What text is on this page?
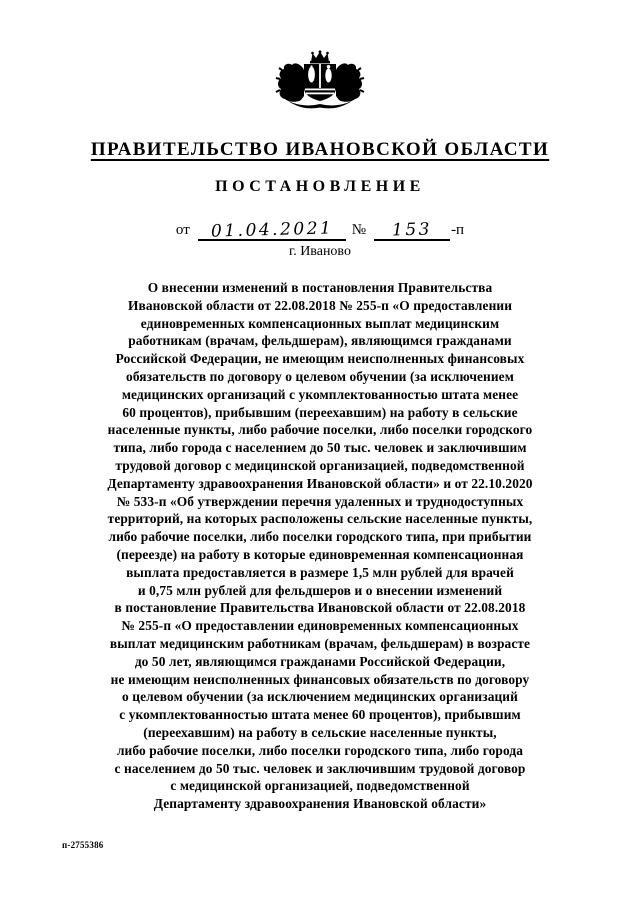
ПРАВИТЕЛЬСТВО ИВАНОВСКОЙ ОБЛАСТИ
ПОСТАНОВЛЕНИЕ
от 01.04.2021 № 153 -п
г. Иваново
О внесении изменений в постановления Правительства
Ивановской области от 22.08.2018 № 255-п «О предоставлении
единовременных компенсационных выплат медицинским
работникам (врачам, фельдшерам), являющимся гражданами
Российской Федерации, не имеющим неисполненных финансовых
обязательств по договору о целевом обучении (за исключением
медицинских организаций с укомплектованностью штата менее
60 процентов), прибывшим (переехавшим) на работу в сельские
населенные пункты, либо рабочие поселки, либо поселки городского
типа, либо города с населением до 50 тыс. человек и заключившим
трудовой договор с медицинской организацией, подведомственной
Департаменту здравоохранения Ивановской области» и от 22.10.2020
№ 533-п «Об утверждении перечня удаленных и труднодоступных
территорий, на которых расположены сельские населенные пункты,
либо рабочие поселки, либо поселки городского типа, при прибытии
(переезде) на работу в которые единовременная компенсационная
выплата предоставляется в размере 1,5 млн рублей для врачей
и 0,75 млн рублей для фельдшеров и о внесении изменений
в постановление Правительства Ивановской области от 22.08.2018
№ 255-п «О предоставлении единовременных компенсационных
выплат медицинским работникам (врачам, фельдшерам) в возрасте
до 50 лет, являющимся гражданами Российской Федерации,
не имеющим неисполненных финансовых обязательств по договору
о целевом обучении (за исключением медицинских организаций
с укомплектованностью штата менее 60 процентов), прибывшим
(переехавшим) на работу в сельские населенные пункты,
либо рабочие поселки, либо поселки городского типа, либо города
с населением до 50 тыс. человек и заключившим трудовой договор
с медицинской организацией, подведомственной
Департаменту здравоохранения Ивановской области»
п-2755386
